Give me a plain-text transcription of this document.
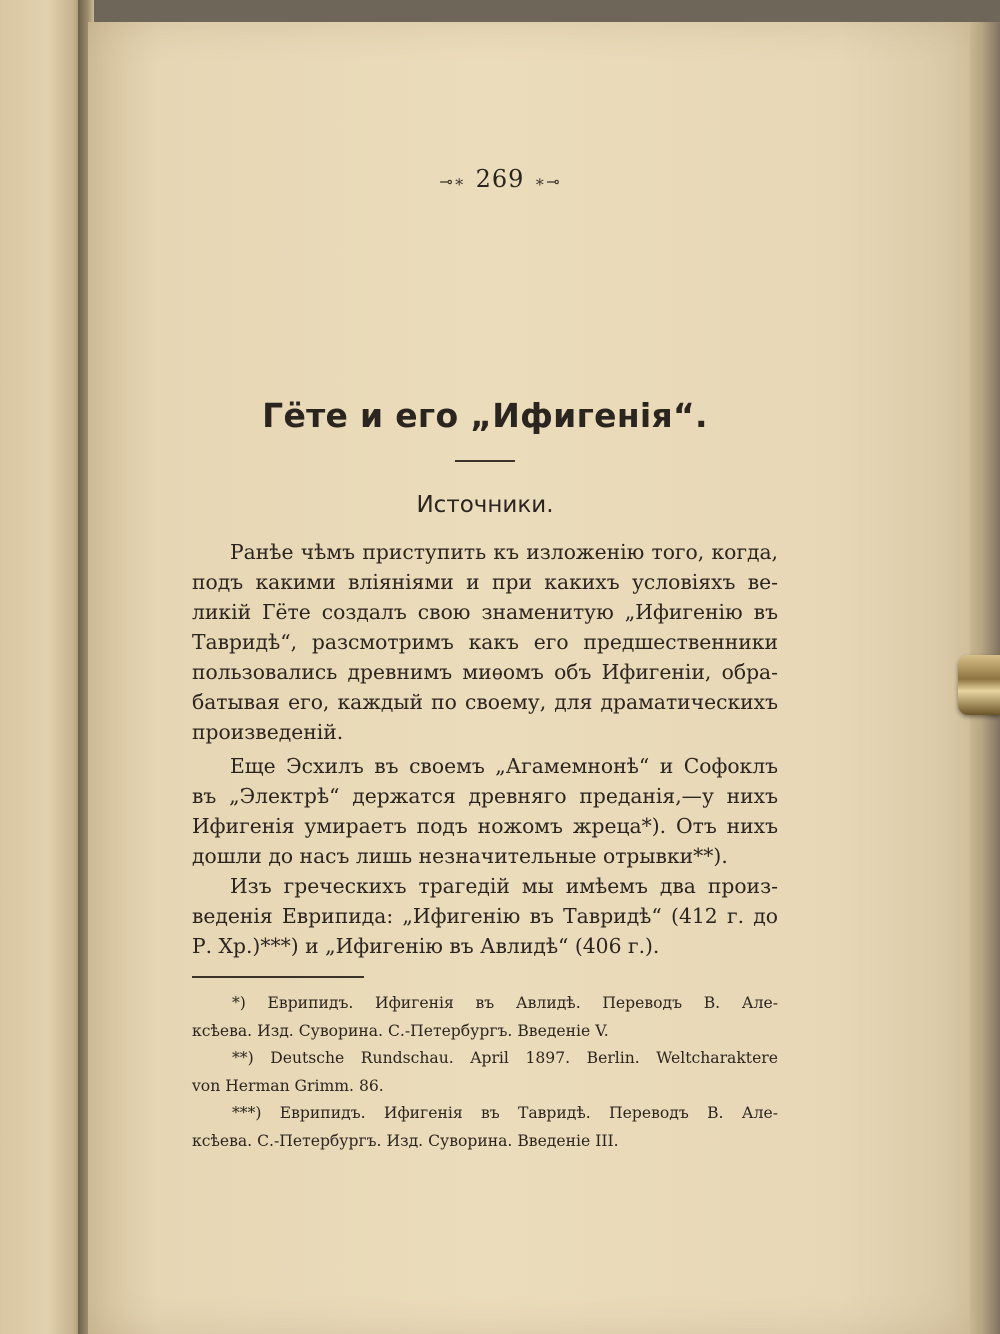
⊸∗ 269 ∗⊸
Гёте и его „Ифигенія“.
Источники.
Ранѣе чѣмъ приступить къ изложенію того, когда,
подъ какими вліяніями и при какихъ условіяхъ ве-
ликій Гёте создалъ свою знаменитую „Ифигенію въ
Тавридѣ“, разсмотримъ какъ его предшественники
пользовались древнимъ миѳомъ объ Ифигеніи, обра-
батывая его, каждый по своему, для драматическихъ
произведеній.
Еще Эсхилъ въ своемъ „Агамемнонѣ“ и Софоклъ
въ „Электрѣ“ держатся древняго преданія,—у нихъ
Ифигенія умираетъ подъ ножомъ жреца*). Отъ нихъ
дошли до насъ лишь незначительные отрывки**).
Изъ греческихъ трагедій мы имѣемъ два произ-
веденія Еврипида: „Ифигенію въ Тавридѣ“ (412 г. до
Р. Хр.)***) и „Ифигенію въ Авлидѣ“ (406 г.).
*) Еврипидъ. Ифигенія въ Авлидѣ. Переводъ В. Але-
ксѣева. Изд. Суворина. С.-Петербургъ. Введеніе V.
**) Deutsche Rundschau. April 1897. Berlin. Weltcharaktere
von Herman Grimm. 86.
***) Еврипидъ. Ифигенія въ Тавридѣ. Переводъ В. Але-
ксѣева. С.-Петербургъ. Изд. Суворина. Введеніе III.
